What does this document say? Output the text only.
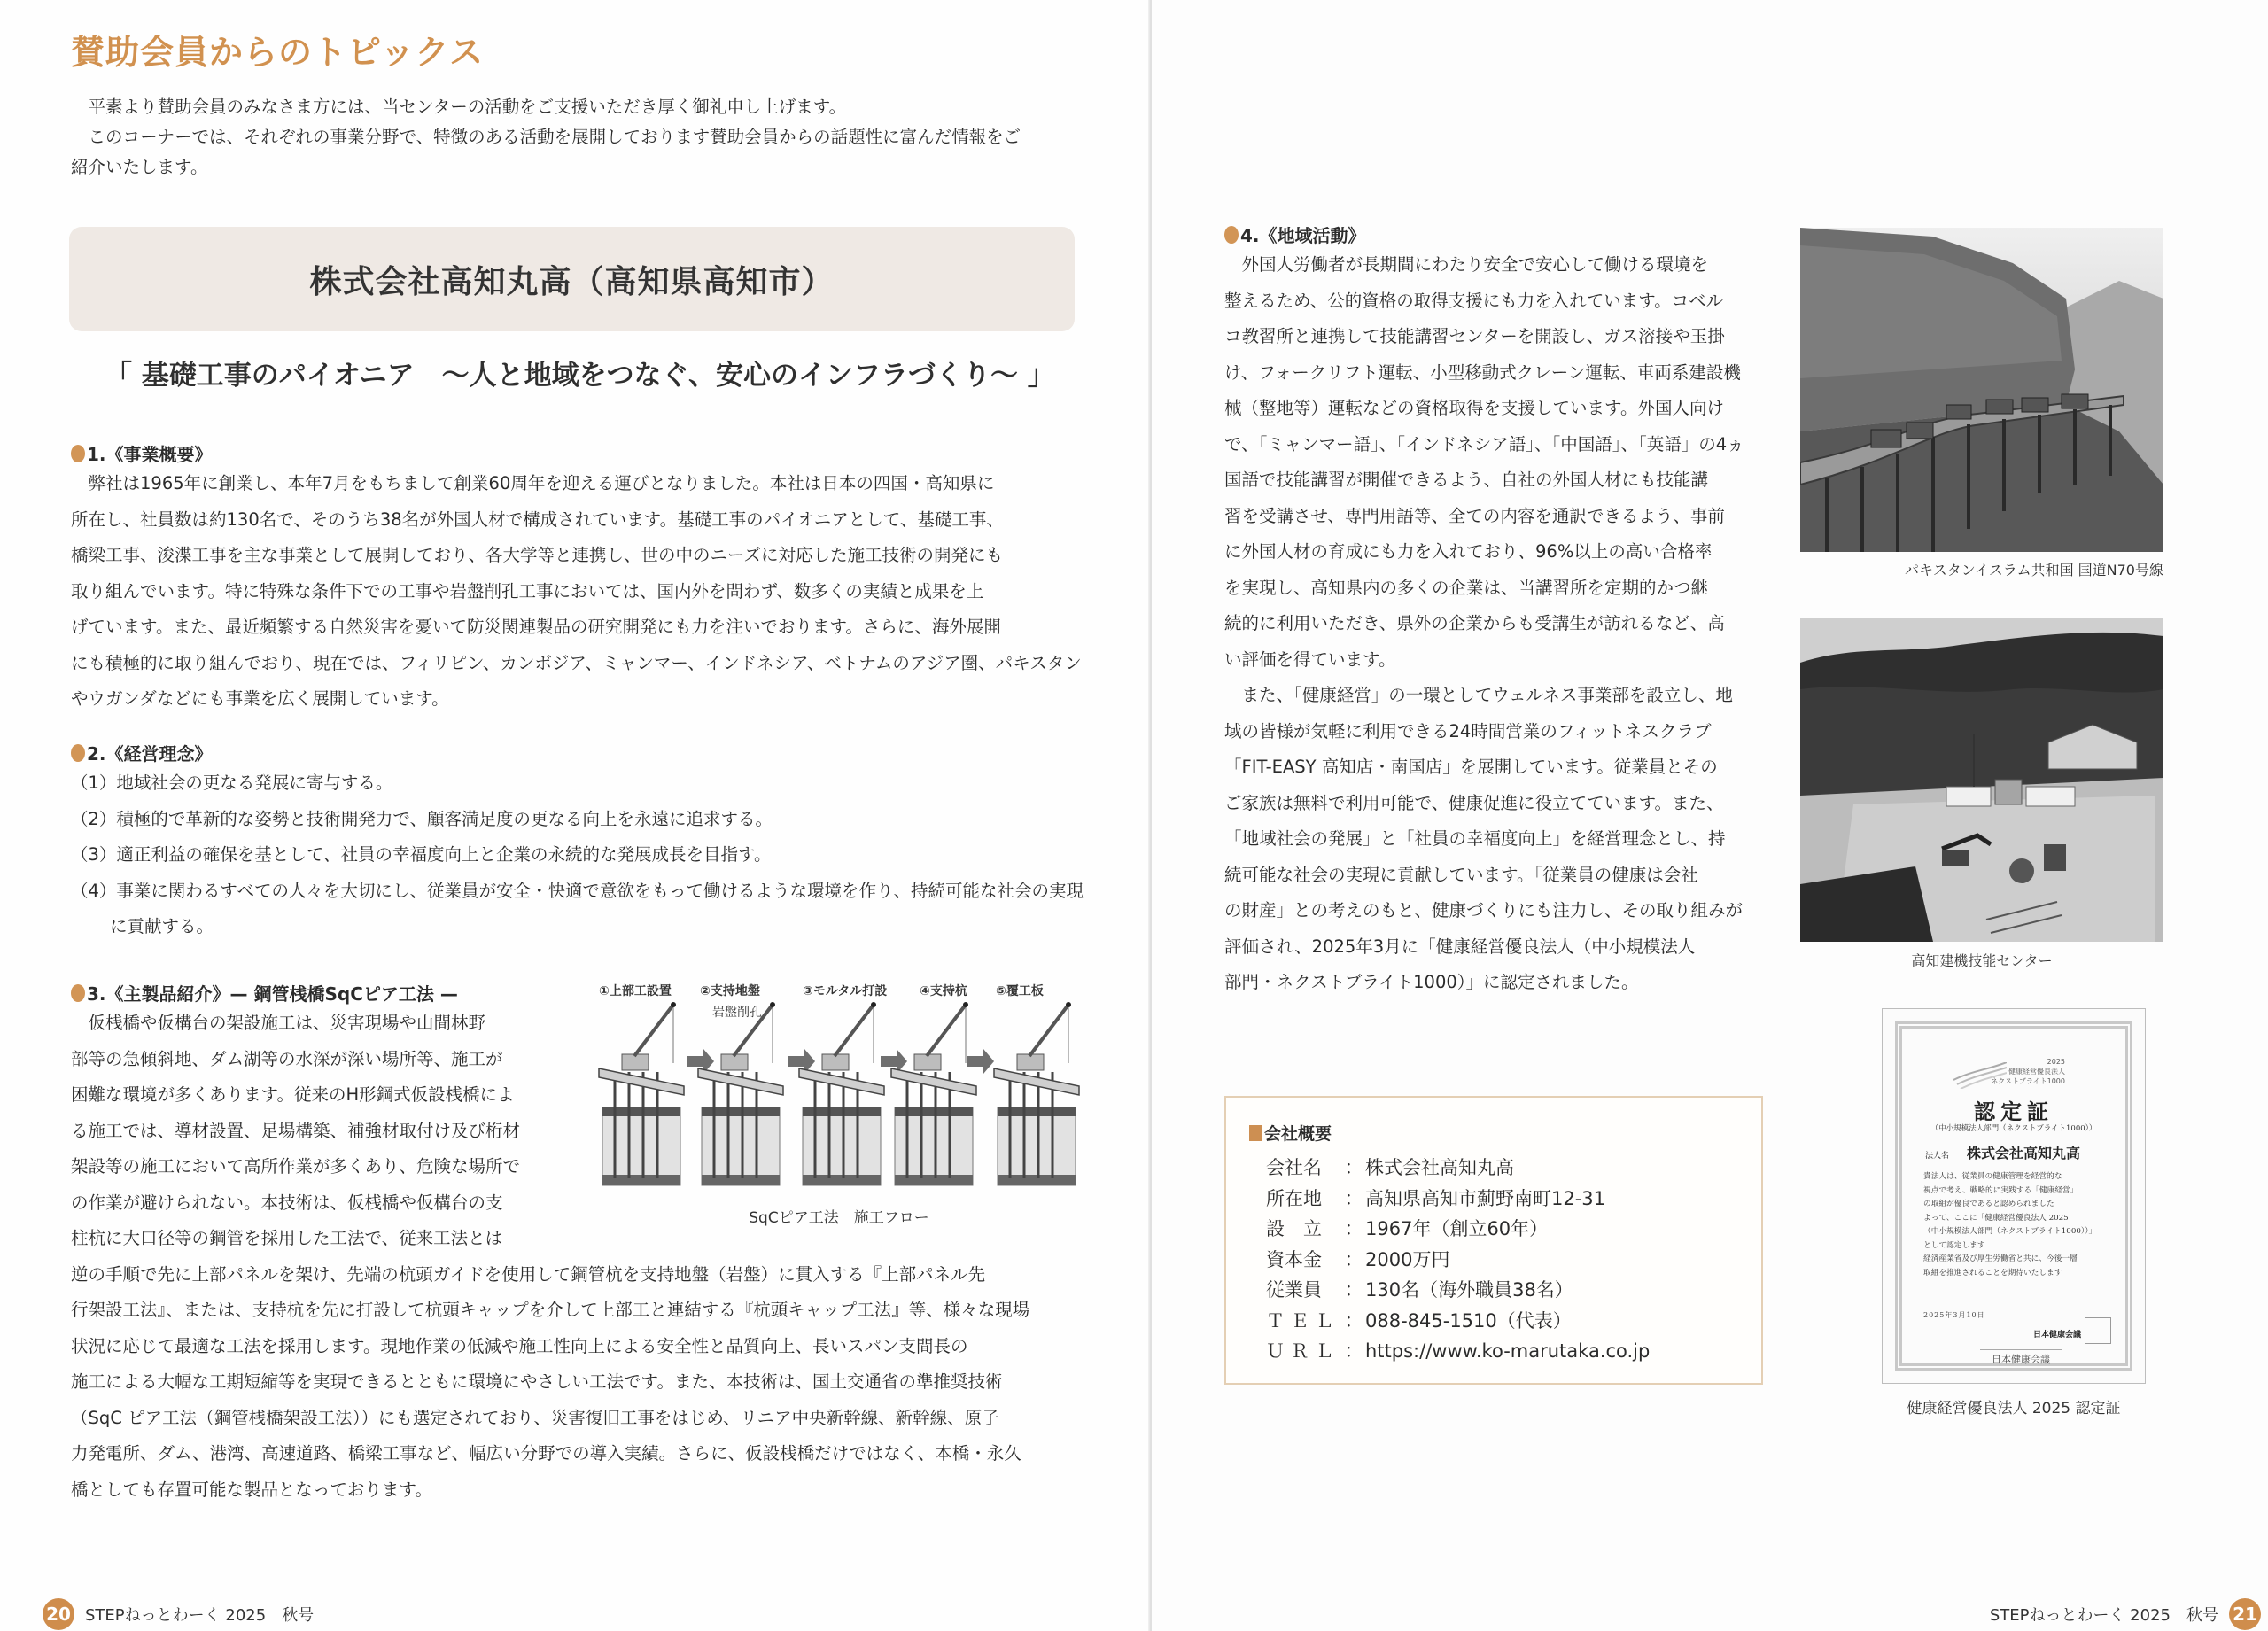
賛助会員からのトピックス

平素より賛助会員のみなさま方には、当センターの活動をご支援いただき厚く御礼申し上げます。

このコーナーでは、それぞれの事業分野で、特徴のある活動を展開しております賛助会員からの話題性に富んだ情報をご

紹介いたします。

株式会社高知丸高（高知県高知市）

「 基礎工事のパイオニア　～人と地域をつなぐ、安心のインフラづくり～ 」

1.《事業概要》

弊社は1965年に創業し、本年7月をもちまして創業60周年を迎える運びとなりました。本社は日本の四国・高知県に
所在し、社員数は約130名で、そのうち38名が外国人材で構成されています。基礎工事のパイオニアとして、基礎工事、
橋梁工事、浚渫工事を主な事業として展開しており、各大学等と連携し、世の中のニーズに対応した施工技術の開発にも
取り組んでいます。特に特殊な条件下での工事や岩盤削孔工事においては、国内外を問わず、数多くの実績と成果を上
げています。また、最近頻繁する自然災害を憂いて防災関連製品の研究開発にも力を注いでおります。さらに、海外展開
にも積極的に取り組んでおり、現在では、フィリピン、カンボジア、ミャンマー、インドネシア、ベトナムのアジア圏、パキスタン
やウガンダなどにも事業を広く展開しています。

2.《経営理念》

（1）地域社会の更なる発展に寄与する。
（2）積極的で革新的な姿勢と技術開発力で、顧客満足度の更なる向上を永遠に追求する。
（3）適正利益の確保を基として、社員の幸福度向上と企業の永続的な発展成長を目指す。
（4）事業に関わるすべての人々を大切にし、従業員が安全・快適で意欲をもって働けるような環境を作り、持続可能な社会の実現に貢献する。

3.《主製品紹介》— 鋼管桟橋SqCピア工法 —

仮桟橋や仮構台の架設施工は、災害現場や山間林野
部等の急傾斜地、ダム湖等の水深が深い場所等、施工が
困難な環境が多くあります。従来のH形鋼式仮設桟橋によ
る施工では、導材設置、足場構築、補強材取付け及び桁材
架設等の施工において高所作業が多くあり、危険な場所で
の作業が避けられない。本技術は、仮桟橋や仮構台の支
柱杭に大口径等の鋼管を採用した工法で、従来工法とは

逆の手順で先に上部パネルを架け、先端の杭頭ガイドを使用して鋼管杭を支持地盤（岩盤）に貫入する『上部パネル先
行架設工法』、または、支持杭を先に打設して杭頭キャップを介して上部工と連結する『杭頭キャップ工法』等、様々な現場
状況に応じて最適な工法を採用します。現地作業の低減や施工性向上による安全性と品質向上、長いスパン支間長の
施工による大幅な工期短縮等を実現できるとともに環境にやさしい工法です。また、本技術は、国土交通省の準推奨技術
（SqC ピア工法（鋼管桟橋架設工法））にも選定されており、災害復旧工事をはじめ、リニア中央新幹線、新幹線、原子
力発電所、ダム、港湾、高速道路、橋梁工事など、幅広い分野での導入実績。さらに、仮設桟橋だけではなく、本橋・永久
橋としても存置可能な製品となっております。

①上部工設置 ②支持地盤	③モルタル打設	④支持杭 ⑤覆工板
岩盤削孔
SqCピア工法　施工フロー
20 STEPねっとわーく 2025 秋号

4.《地域活動》

外国人労働者が長期間にわたり安全で安心して働ける環境を
整えるため、公的資格の取得支援にも力を入れています。コベル
コ教習所と連携して技能講習センターを開設し、ガス溶接や玉掛
け、フォークリフト運転、小型移動式クレーン運転、車両系建設機
械（整地等）運転などの資格取得を支援しています。外国人向け
で、「ミャンマー語」、「インドネシア語」、「中国語」、「英語」の4ヵ
国語で技能講習が開催できるよう、自社の外国人材にも技能講
習を受講させ、専門用語等、全ての内容を通訳できるよう、事前
に外国人材の育成にも力を入れており、96%以上の高い合格率
を実現し、高知県内の多くの企業は、当講習所を定期的かつ継
続的に利用いただき、県外の企業からも受講生が訪れるなど、高
い評価を得ています。
また、「健康経営」の一環としてウェルネス事業部を設立し、地
域の皆様が気軽に利用できる24時間営業のフィットネスクラブ
「FIT-EASY 高知店・南国店」を展開しています。従業員とその
ご家族は無料で利用可能で、健康促進に役立てています。また、
「地域社会の発展」と「社員の幸福度向上」を経営理念とし、持
続可能な社会の実現に貢献しています。「従業員の健康は会社
の財産」との考えのもと、健康づくりにも注力し、その取り組みが
評価され、2025年3月に「健康経営優良法人（中小規模法人
部門・ネクストブライト1000）」に認定されました。

パキスタンイスラム共和国 国道N70号線
高知建機技能センター

会社概要

会社名	： 株式会社高知丸高
所在地	： 高知県高知市薊野南町12-31
設　立	： 1967年（創立60年）
資本金	： 2000万円
従業員	： 130名（海外職員38名）
Ｔ Ｅ Ｌ ： 088-845-1510（代表）
Ｕ Ｒ Ｌ ： https://www.ko-marutaka.co.jp
2025
健康経営優良法人
ネクストブライト1000
認定証
（中小規模法人部門（ネクストブライト1000））
法人名 株式会社高知丸高

貴法人は、従業員の健康管理を経営的な
視点で考え、戦略的に実践する「健康経営」
の取組が優良であると認められました
よって、ここに「健康経営優良法人 2025
（中小規模法人部門（ネクストブライト1000））」
として認定します
経済産業省及び厚生労働省と共に、今後一層
取組を推進されることを期待いたします

2025年3月10日
日本健康会議
日本健康会議
健康経営優良法人 2025 認定証
STEPねっとわーく 2025 秋号 21
